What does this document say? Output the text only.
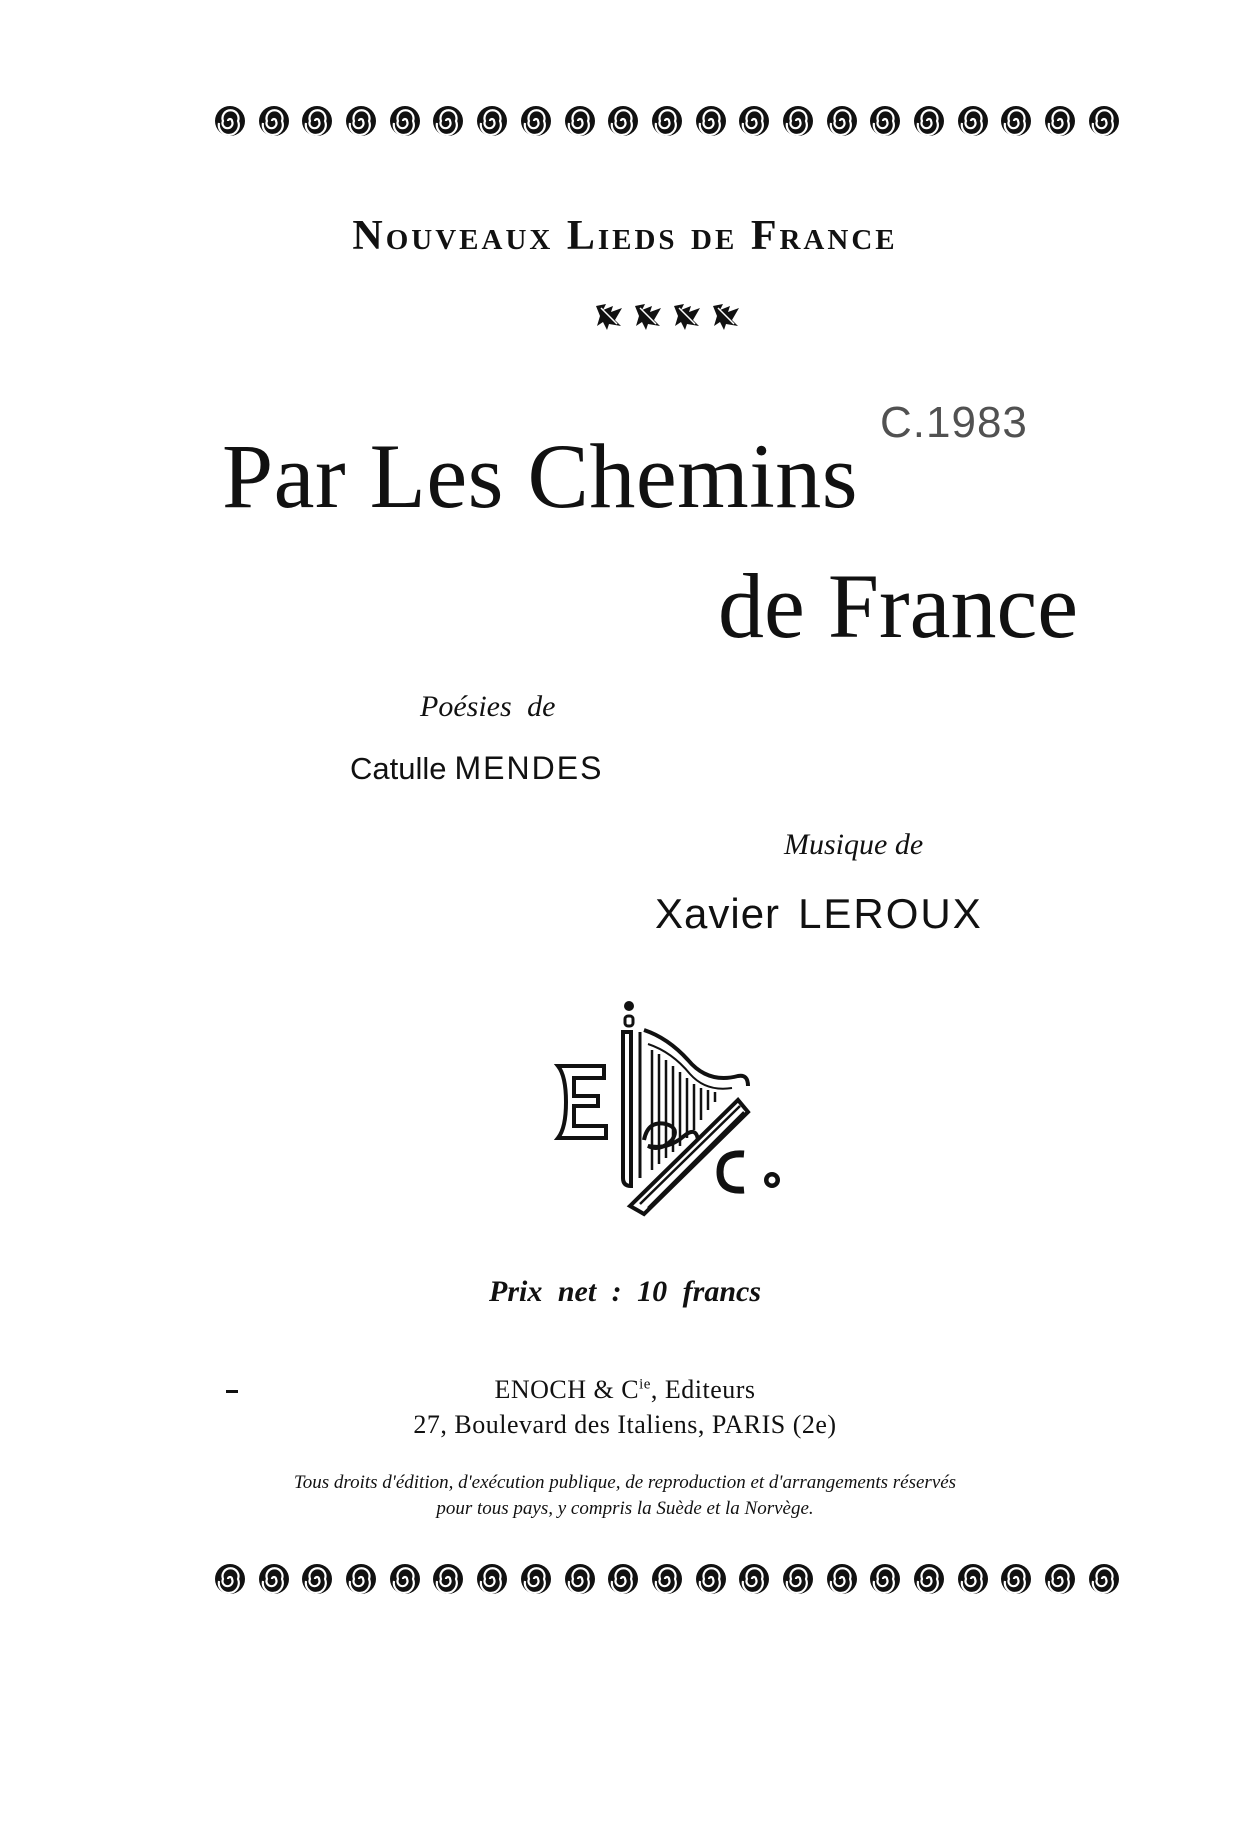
Nouveaux Lieds de France
C.1983
Par Les Chemins
de France
Poésies de
Catulle MENDES
Musique de
Xavier LEROUX
Prix net : 10 francs
ENOCH & $C^{ie}$, Editeurs
27, Boulevard des Italiens, PARIS (2e)
Tous droits d'édition, d'exécution publique, de reproduction et d'arrangements réservés
pour tous pays, y compris la Suède et la Norvège.
